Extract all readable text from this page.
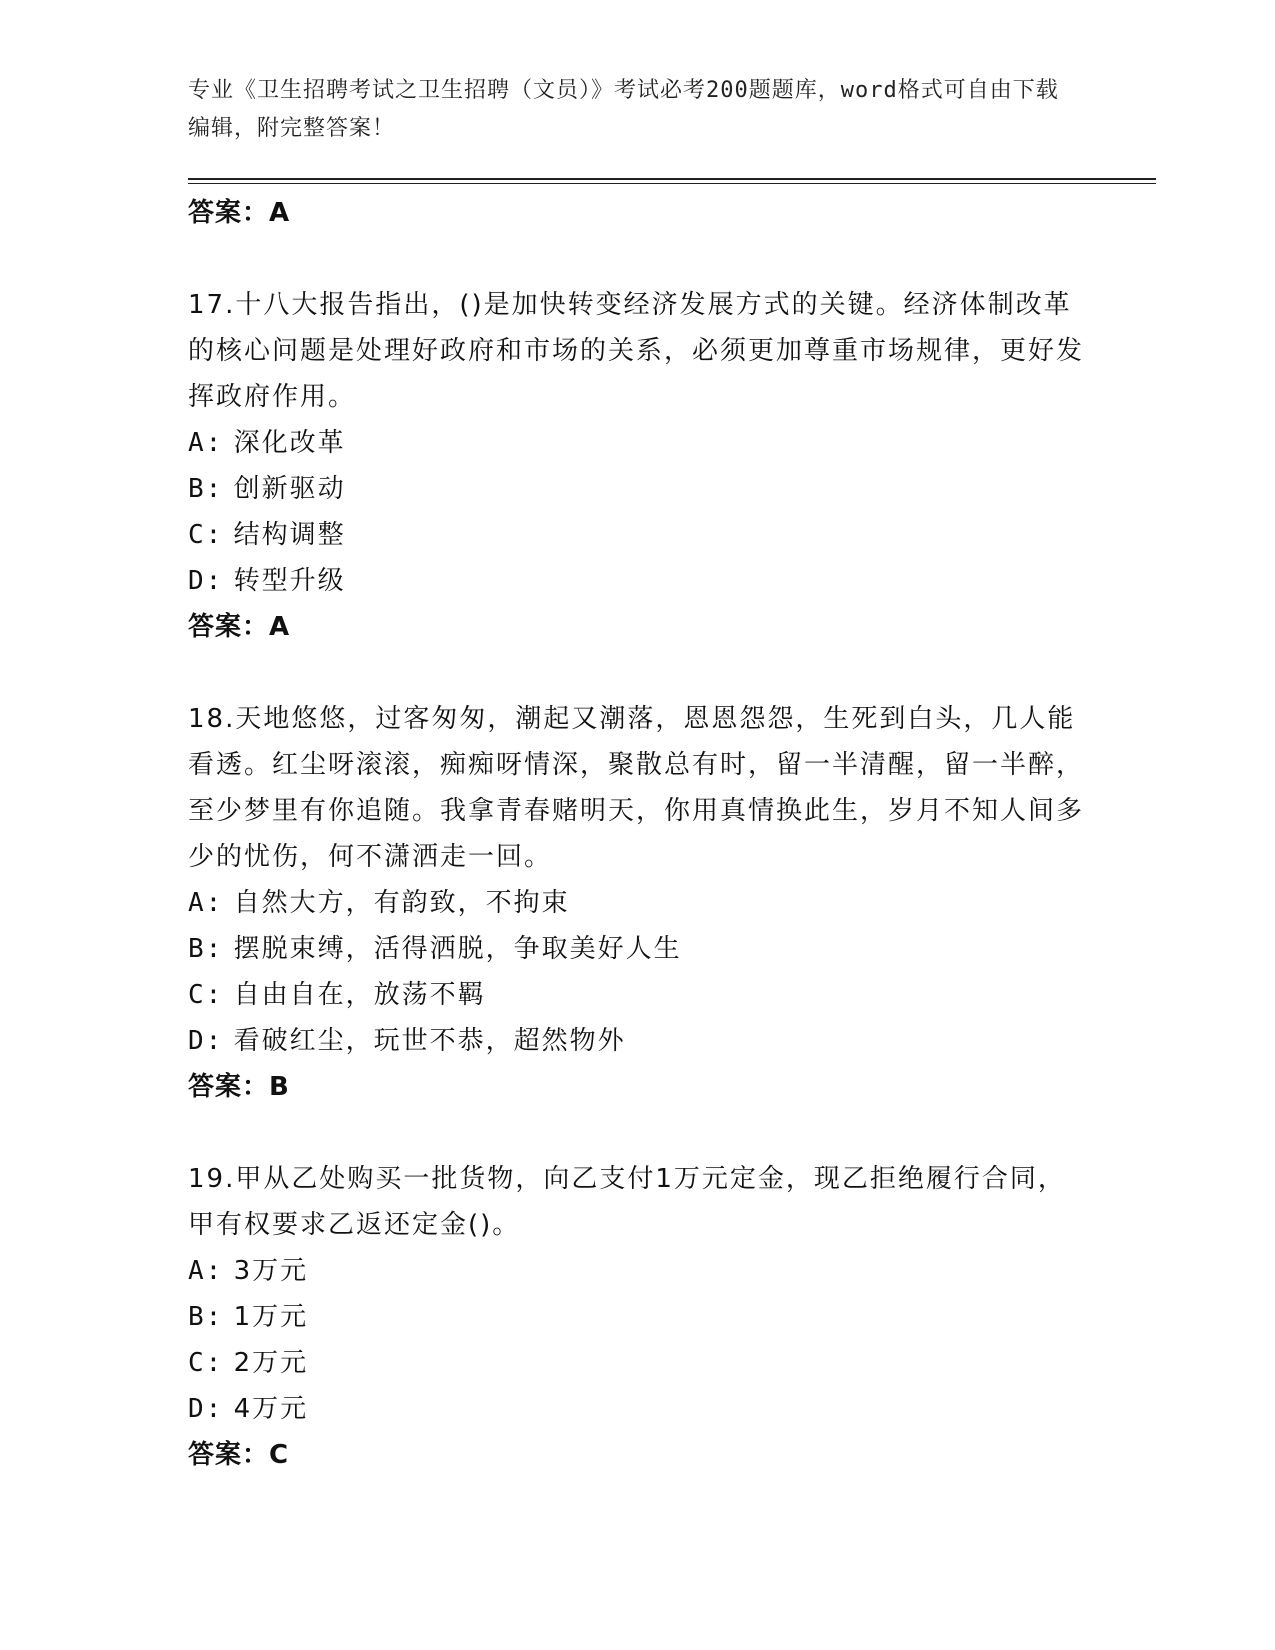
专业《卫生招聘考试之卫生招聘（文员）》考试必考200题题库，word格式可自由下载编辑，附完整答案！
答案：A

17.十八大报告指出，()是加快转变经济发展方式的关键。经济体制改革的核心问题是处理好政府和市场的关系，必须更加尊重市场规律，更好发挥政府作用。

A: 深化改革

B: 创新驱动

C: 结构调整

D: 转型升级

答案：A

18.天地悠悠，过客匆匆，潮起又潮落，恩恩怨怨，生死到白头，几人能看透。红尘呀滚滚，痴痴呀情深，聚散总有时，留一半清醒，留一半醉，至少梦里有你追随。我拿青春赌明天，你用真情换此生，岁月不知人间多少的忧伤，何不潇洒走一回。

A: 自然大方，有韵致，不拘束

B: 摆脱束缚，活得洒脱，争取美好人生

C: 自由自在，放荡不羁

D: 看破红尘，玩世不恭，超然物外

答案：B

19.甲从乙处购买一批货物，向乙支付1万元定金，现乙拒绝履行合同，甲有权要求乙返还定金()。

A: 3万元

B: 1万元

C: 2万元

D: 4万元

答案：C
